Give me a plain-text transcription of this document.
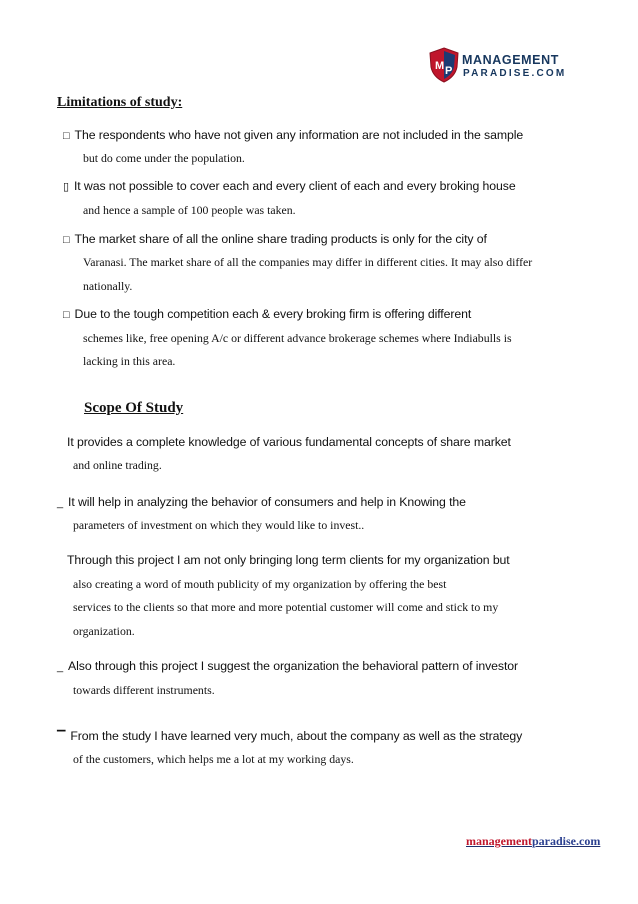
M P
MANAGEMENT
PARADISE.COM
Limitations of study:
□ The respondents who have not given any information are not included in the sample
but do come under the population.
▯ It was not possible to cover each and every client of each and every broking house
and hence a sample of 100 people was taken.
□ The market share of all the online share trading products is only for the city of
Varanasi. The market share of all the companies may differ in different cities. It may also differ
nationally.
□ Due to the tough competition each & every broking firm is offering different
schemes like, free opening A/c or different advance brokerage schemes where Indiabulls is
lacking in this area.
Scope Of Study
It provides a complete knowledge of various fundamental concepts of share market
and online trading.
_ It will help in analyzing the behavior of consumers and help in Knowing the
parameters of investment on which they would like to invest..
Through this project I am not only bringing long term clients for my organization but
also creating a word of mouth publicity of my organization by offering the best
services to the clients so that more and more potential customer will come and stick to my
organization.
_ Also through this project I suggest the organization the behavioral pattern of investor
towards different instruments.
▔ From the study I have learned very much, about the company as well as the strategy
of the customers, which helps me a lot at my working days.
managementparadise.com
